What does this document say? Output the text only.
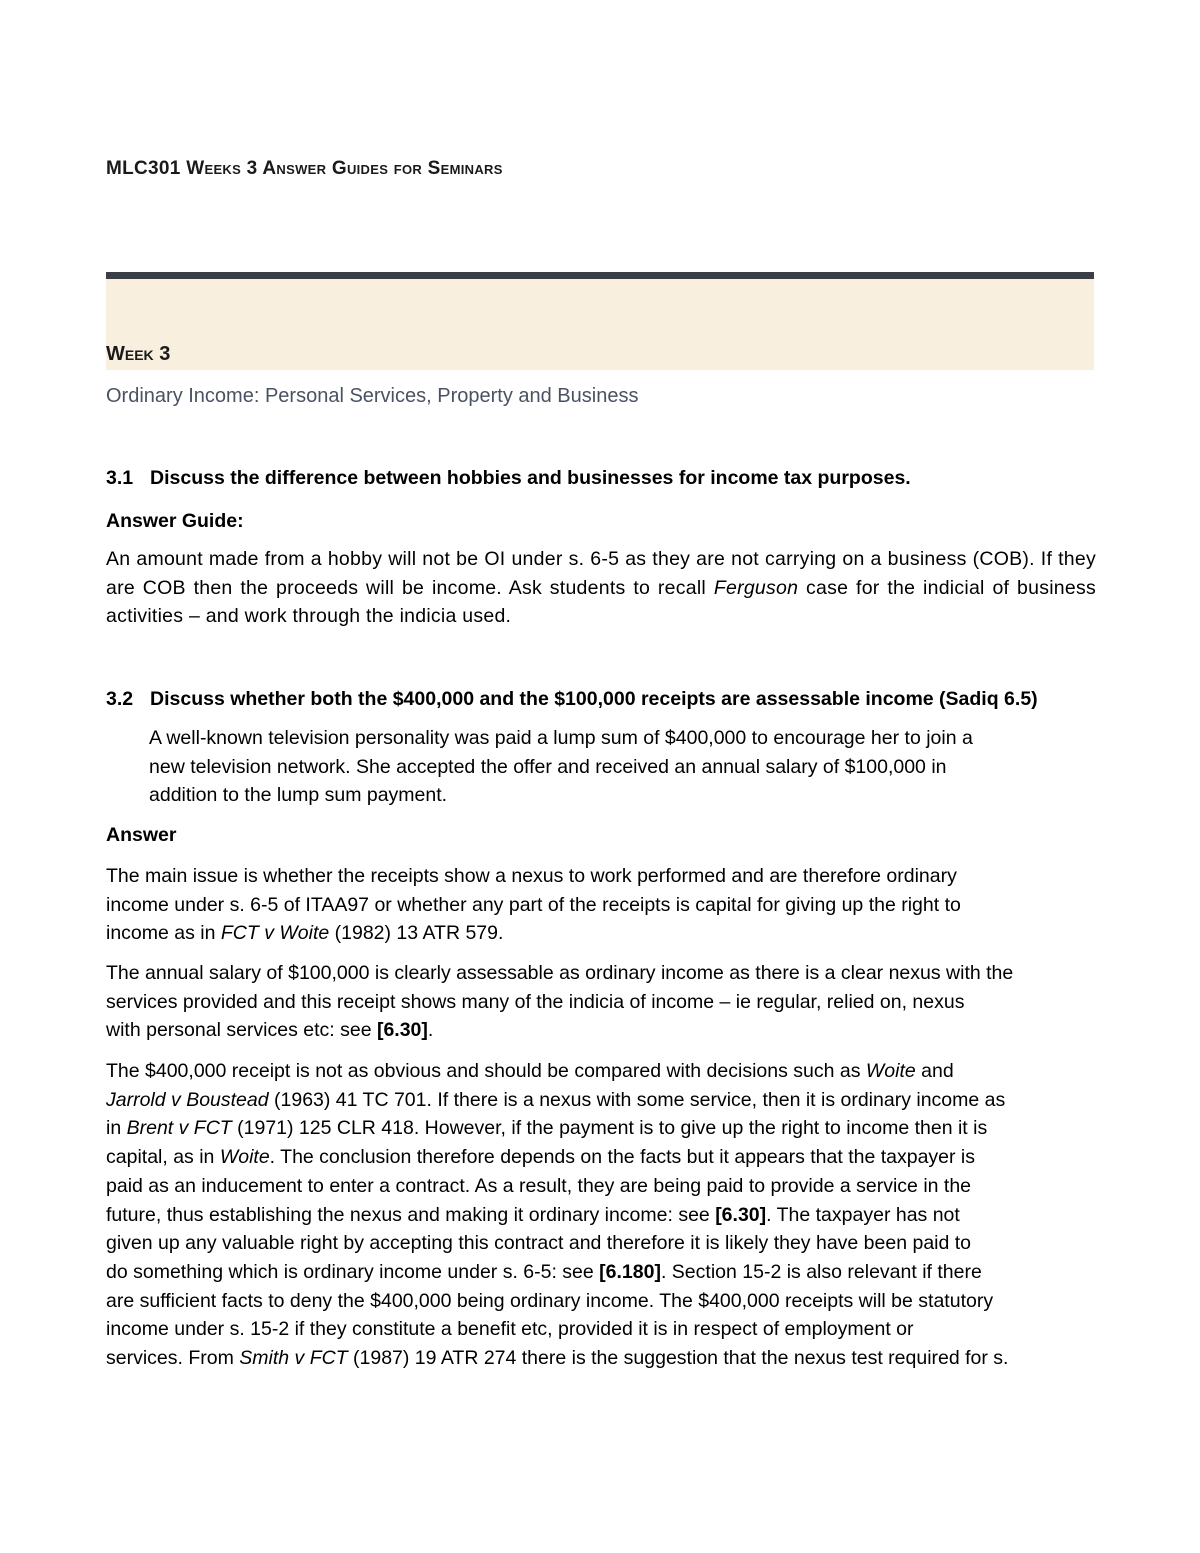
MLC301 Weeks 3 Answer Guides for Seminars
Week 3
Ordinary Income: Personal Services, Property and Business
3.1 Discuss the difference between hobbies and businesses for income tax purposes.
Answer Guide:
An amount made from a hobby will not be OI under s. 6-5 as they are not carrying on a business (COB). If they are COB then the proceeds will be income. Ask students to recall Ferguson case for the indicial of business activities – and work through the indicia used.
3.2 Discuss whether both the $400,000 and the $100,000 receipts are assessable income (Sadiq 6.5)
A well-known television personality was paid a lump sum of $400,000 to encourage her to join a
new television network. She accepted the offer and received an annual salary of $100,000 in
addition to the lump sum payment.
Answer
The main issue is whether the receipts show a nexus to work performed and are therefore ordinary
income under s. 6-5 of ITAA97 or whether any part of the receipts is capital for giving up the right to
income as in FCT v Woite (1982) 13 ATR 579.
The annual salary of $100,000 is clearly assessable as ordinary income as there is a clear nexus with the
services provided and this receipt shows many of the indicia of income – ie regular, relied on, nexus
with personal services etc: see [6.30].
The $400,000 receipt is not as obvious and should be compared with decisions such as Woite and
Jarrold v Boustead (1963) 41 TC 701. If there is a nexus with some service, then it is ordinary income as
in Brent v FCT (1971) 125 CLR 418. However, if the payment is to give up the right to income then it is
capital, as in Woite. The conclusion therefore depends on the facts but it appears that the taxpayer is
paid as an inducement to enter a contract. As a result, they are being paid to provide a service in the
future, thus establishing the nexus and making it ordinary income: see [6.30]. The taxpayer has not
given up any valuable right by accepting this contract and therefore it is likely they have been paid to
do something which is ordinary income under s. 6-5: see [6.180]. Section 15-2 is also relevant if there
are sufficient facts to deny the $400,000 being ordinary income. The $400,000 receipts will be statutory
income under s. 15-2 if they constitute a benefit etc, provided it is in respect of employment or
services. From Smith v FCT (1987) 19 ATR 274 there is the suggestion that the nexus test required for s.
